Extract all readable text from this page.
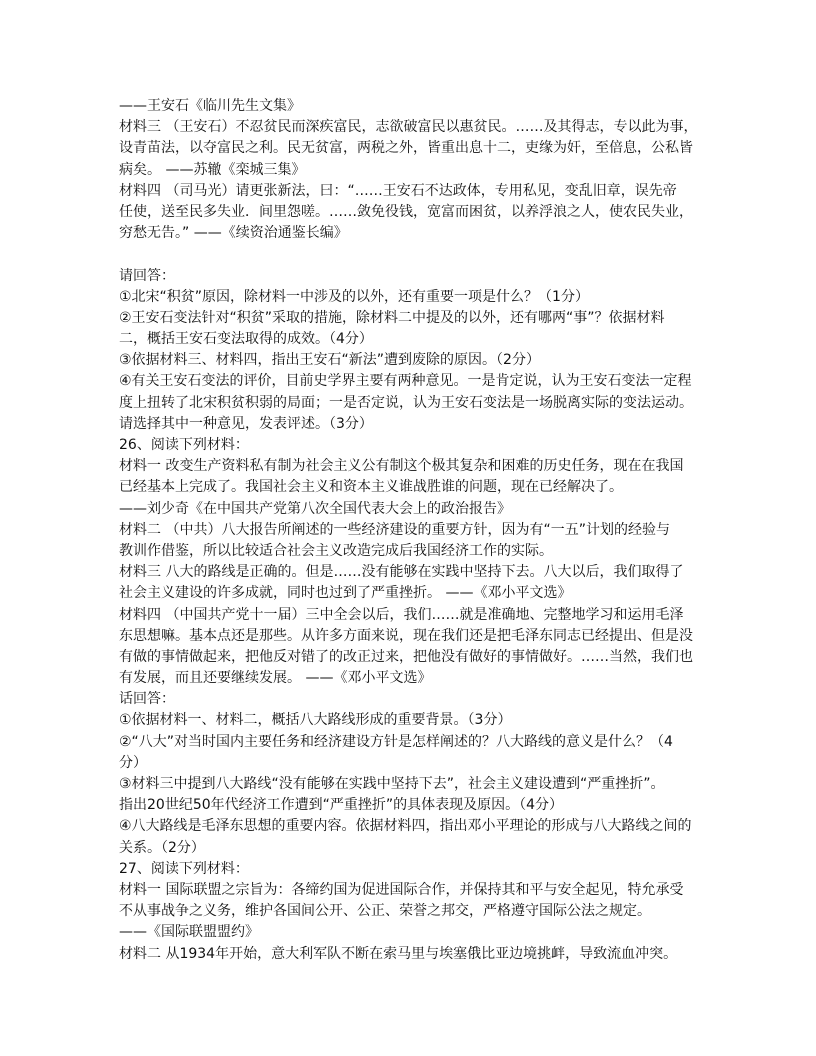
——王安石《临川先生文集》
材料三 （王安石）不忍贫民而深疾富民，志欲破富民以惠贫民。……及其得志，专以此为事，
设青苗法，以夺富民之利。民无贫富，两税之外，皆重出息十二，吏缘为奸，至倍息，公私皆
病矣。 ——苏辙《栾城三集》
材料四 （司马光）请更张新法，曰：“……王安石不达政体，专用私见，变乱旧章，误先帝
任使，送至民多失业．间里怨嗟。……敛免役钱，宽富而困贫，以养浮浪之人，使农民失业，
穷愁无告。” ——《续资治通鉴长编》
请回答：
①北宋“积贫”原因，除材料一中涉及的以外，还有重要一项是什么？（1分）
②王安石变法针对“积贫”采取的措施，除材料二中提及的以外，还有哪两“事”？依据材料
二，概括王安石变法取得的成效。（4分）
③依据材料三、材料四，指出王安石“新法”遭到废除的原因。（2分）
④有关王安石变法的评价，目前史学界主要有两种意见。一是肯定说，认为王安石变法一定程
度上扭转了北宋积贫积弱的局面；一是否定说，认为王安石变法是一场脱离实际的变法运动。
请选择其中一种意见，发表评述。（3分）
26、阅读下列材料：
材料一 改变生产资料私有制为社会主义公有制这个极其复杂和困难的历史任务，现在在我国
已经基本上完成了。我国社会主义和资本主义谁战胜谁的问题，现在已经解决了。
——刘少奇《在中国共产党第八次全国代表大会上的政治报告》
材料二 （中共）八大报告所阐述的一些经济建设的重要方针，因为有“一五”计划的经验与
教训作借鉴，所以比较适合社会主义改造完成后我国经济工作的实际。
材料三 八大的路线是正确的。但是……没有能够在实践中坚持下去。八大以后，我们取得了
社会主义建设的许多成就，同时也过到了严重挫折。 ——《邓小平文选》
材料四 （中国共产党十一届）三中全会以后，我们……就是准确地、完整地学习和运用毛泽
东思想嘛。基本点还是那些。从许多方面来说，现在我们还是把毛泽东同志已经提出、但是没
有做的事情做起来，把他反对错了的改正过来，把他没有做好的事情做好。……当然，我们也
有发展，而且还要继续发展。 ——《邓小平文选》
话回答：
①依据材料一、材料二，概括八大路线形成的重要背景。（3分）
②“八大”对当时国内主要任务和经济建设方针是怎样阐述的？八大路线的意义是什么？（4
分）
③材料三中提到八大路线“没有能够在实践中坚持下去”，社会主义建设遭到“严重挫折”。
指出20世纪50年代经济工作遭到“严重挫折”的具体表现及原因。（4分）
④八大路线是毛泽东思想的重要内容。依据材料四，指出邓小平理论的形成与八大路线之间的
关系。（2分）
27、阅读下列材料：
材料一 国际联盟之宗旨为：各缔约国为促进国际合作，并保持其和平与安全起见，特允承受
不从事战争之义务，维护各国间公开、公正、荣誉之邦交，严格遵守国际公法之规定。
——《国际联盟盟约》
材料二 从1934年开始，意大利军队不断在索马里与埃塞俄比亚边境挑衅，导致流血冲突。
